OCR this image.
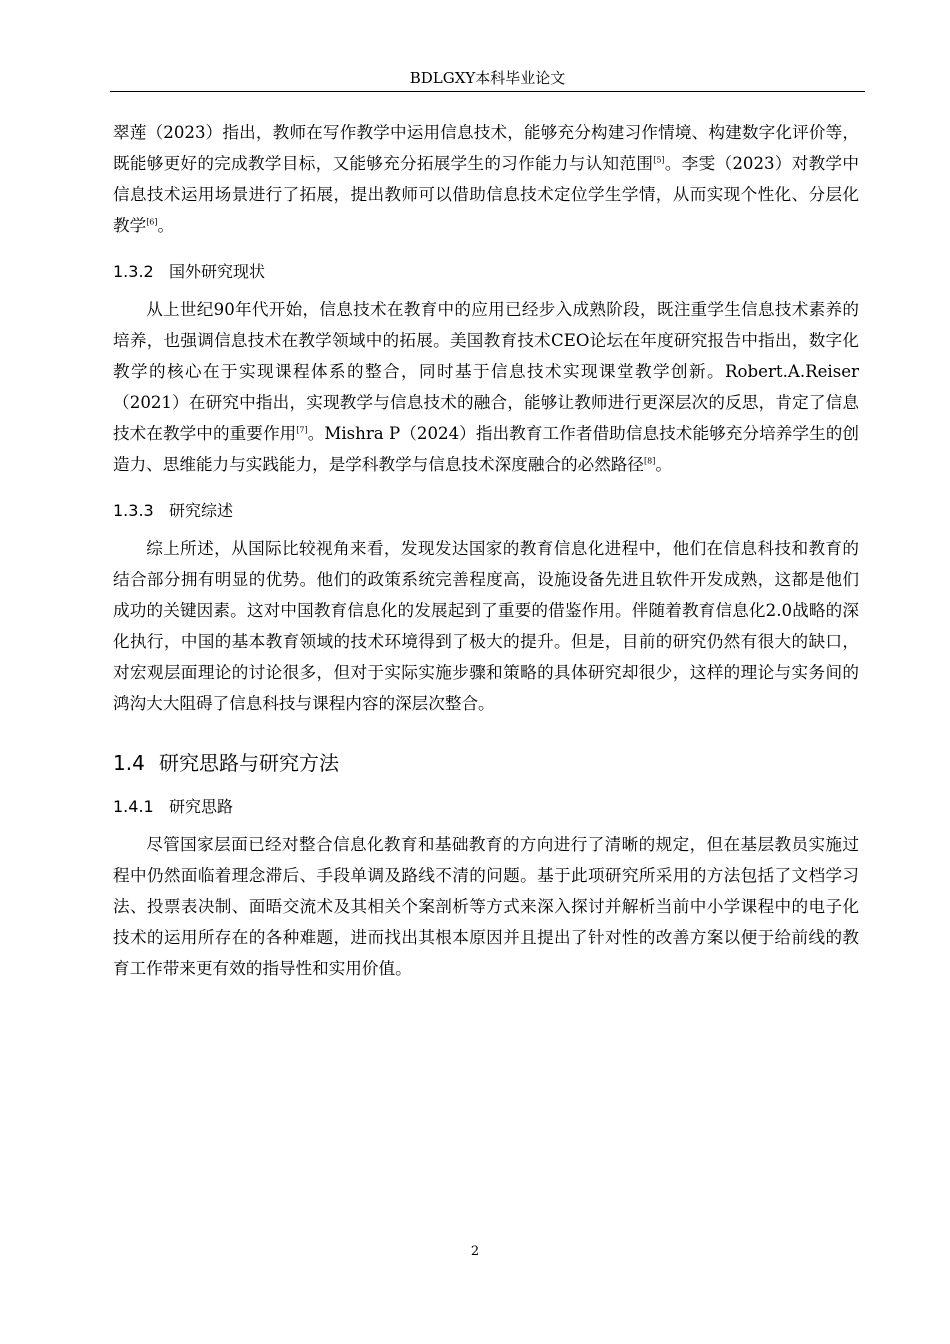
BDLGXY本科毕业论文

翠莲（2023）指出，教师在写作教学中运用信息技术，能够充分构建习作情境、构建数字化评价等，既能够更好的完成教学目标，又能够充分拓展学生的习作能力与认知范围[5]。李雯（2023）对教学中信息技术运用场景进行了拓展，提出教师可以借助信息技术定位学生学情，从而实现个性化、分层化教学[6]。

1.3.2 国外研究现状

从上世纪90年代开始，信息技术在教育中的应用已经步入成熟阶段，既注重学生信息技术素养的培养，也强调信息技术在教学领域中的拓展。美国教育技术CEO论坛在年度研究报告中指出，数字化教学的核心在于实现课程体系的整合，同时基于信息技术实现课堂教学创新。Robert.A.Reiser （2021）在研究中指出，实现教学与信息技术的融合，能够让教师进行更深层次的反思，肯定了信息技术在教学中的重要作用[7]。Mishra P（2024）指出教育工作者借助信息技术能够充分培养学生的创造力、思维能力与实践能力，是学科教学与信息技术深度融合的必然路径[8]。

1.3.3 研究综述

综上所述，从国际比较视角来看，发现发达国家的教育信息化进程中，他们在信息科技和教育的结合部分拥有明显的优势。他们的政策系统完善程度高，设施设备先进且软件开发成熟，这都是他们成功的关键因素。这对中国教育信息化的发展起到了重要的借鉴作用。伴随着教育信息化2.0战略的深化执行，中国的基本教育领域的技术环境得到了极大的提升。但是，目前的研究仍然有很大的缺口，对宏观层面理论的讨论很多，但对于实际实施步骤和策略的具体研究却很少，这样的理论与实务间的鸿沟大大阻碍了信息科技与课程内容的深层次整合。

1.4 研究思路与研究方法
1.4.1 研究思路

尽管国家层面已经对整合信息化教育和基础教育的方向进行了清晰的规定，但在基层教员实施过程中仍然面临着理念滞后、手段单调及路线不清的问题。基于此项研究所采用的方法包括了文档学习法、投票表决制、面晤交流术及其相关个案剖析等方式来深入探讨并解析当前中小学课程中的电子化技术的运用所存在的各种难题，进而找出其根本原因并且提出了针对性的改善方案以便于给前线的教育工作带来更有效的指导性和实用价值。

2
